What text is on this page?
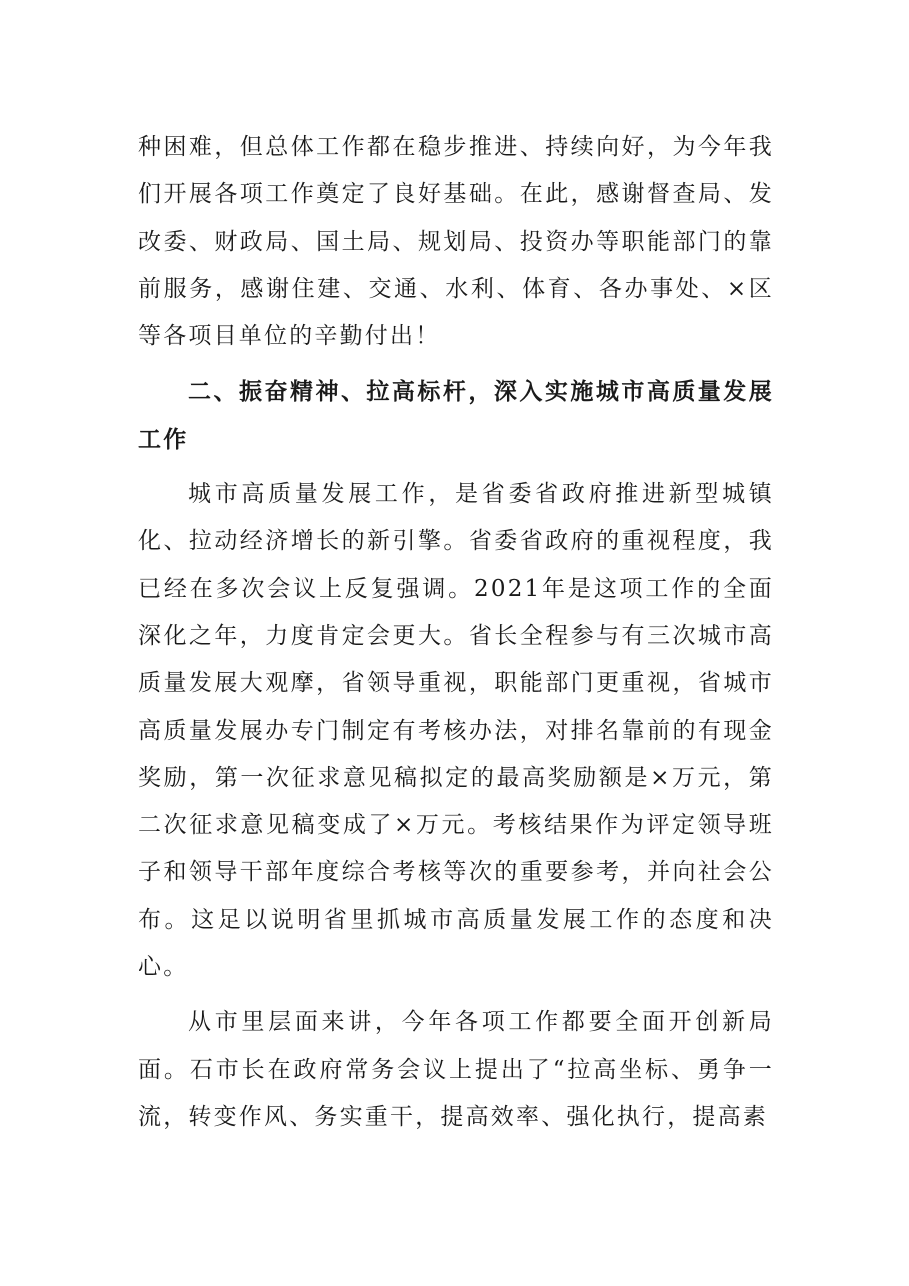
种困难，但总体工作都在稳步推进、持续向好，为今年我们开展各项工作奠定了良好基础。在此，感谢督查局、发改委、财政局、国土局、规划局、投资办等职能部门的靠前服务，感谢住建、交通、水利、体育、各办事处、×区等各项目单位的辛勤付出！

二、振奋精神、拉高标杆，深入实施城市高质量发展工作

城市高质量发展工作，是省委省政府推进新型城镇化、拉动经济增长的新引擎。省委省政府的重视程度，我已经在多次会议上反复强调。2021年是这项工作的全面深化之年，力度肯定会更大。省长全程参与有三次城市高质量发展大观摩，省领导重视，职能部门更重视，省城市高质量发展办专门制定有考核办法，对排名靠前的有现金奖励，第一次征求意见稿拟定的最高奖励额是×万元，第二次征求意见稿变成了×万元。考核结果作为评定领导班子和领导干部年度综合考核等次的重要参考，并向社会公布。这足以说明省里抓城市高质量发展工作的态度和决心。

从市里层面来讲，今年各项工作都要全面开创新局面。石市长在政府常务会议上提出了“拉高坐标、勇争一流，转变作风、务实重干，提高效率、强化执行，提高素
